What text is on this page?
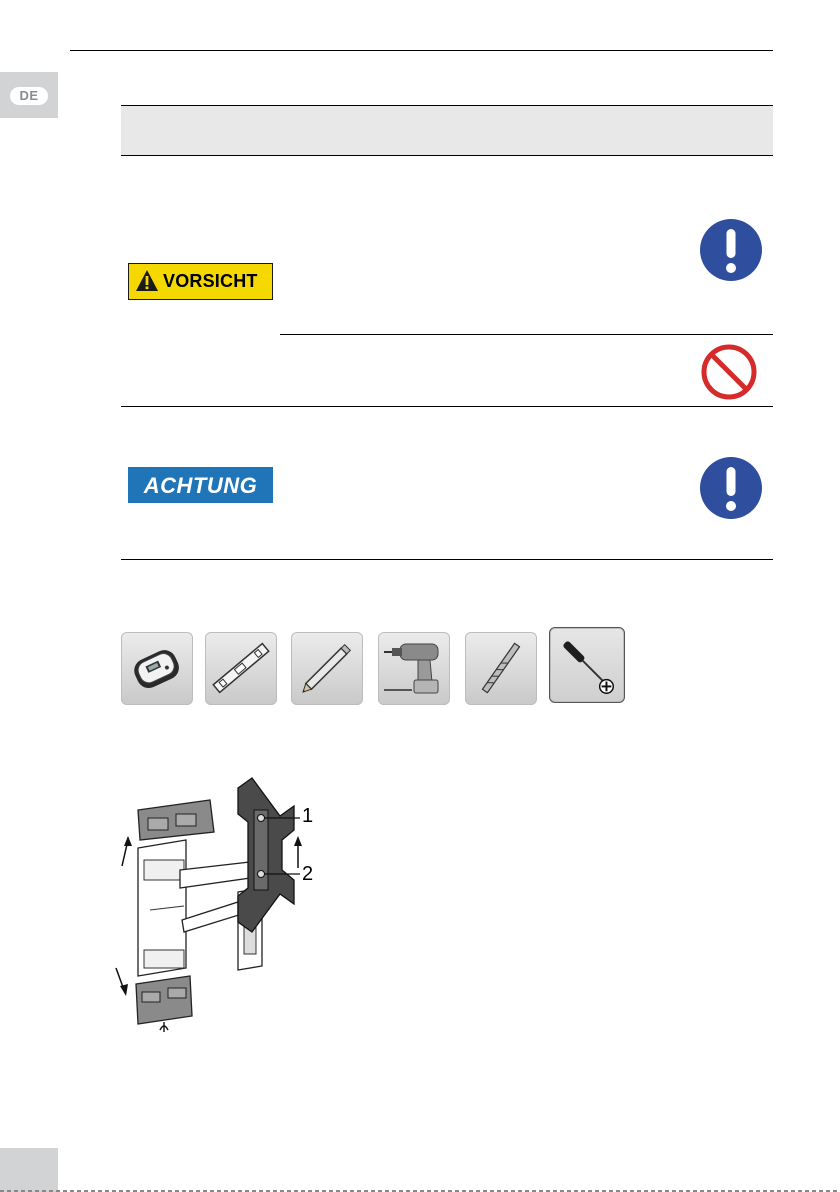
DE
VORSICHT
ACHTUNG
1
2
